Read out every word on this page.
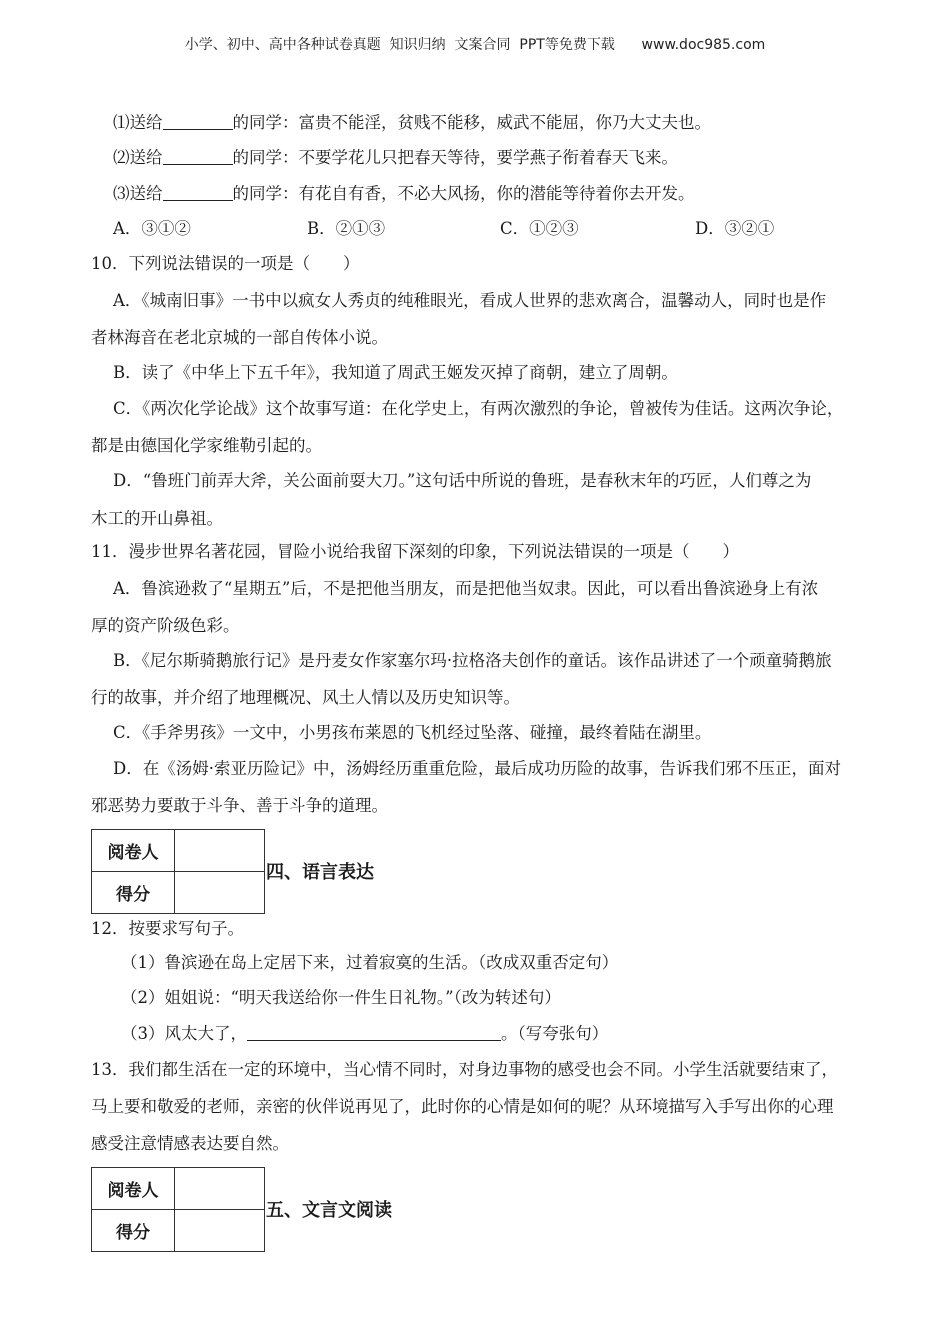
小学、初中、高中各种试卷真题  知识归纳  文案合同  PPT等免费下载      www.doc985.com
⑴送给	的同学：富贵不能淫，贫贱不能移，威武不能屈，你乃大丈夫也。
⑵送给	的同学：不要学花儿只把春天等待，要学燕子衔着春天飞来。
⑶送给	的同学：有花自有香，不必大风扬，你的潜能等待着你去开发。
A．③①②	B．②①③	C．①②③	D．③②①
10．下列说法错误的一项是（　　）
A．《城南旧事》一书中以疯女人秀贞的纯稚眼光，看成人世界的悲欢离合，温馨动人，同时也是作
者林海音在老北京城的一部自传体小说。
B．读了《中华上下五千年》，我知道了周武王姬发灭掉了商朝，建立了周朝。
C．《两次化学论战》这个故事写道：在化学史上，有两次激烈的争论，曾被传为佳话。这两次争论，
都是由德国化学家维勒引起的。
D．“鲁班门前弄大斧，关公面前耍大刀。”这句话中所说的鲁班，是春秋末年的巧匠，人们尊之为
木工的开山鼻祖。
11．漫步世界名著花园，冒险小说给我留下深刻的印象，下列说法错误的一项是（　　）
A．鲁滨逊救了“星期五”后，不是把他当朋友，而是把他当奴隶。因此，可以看出鲁滨逊身上有浓
厚的资产阶级色彩。
B．《尼尔斯骑鹅旅行记》是丹麦女作家塞尔玛·拉格洛夫创作的童话。该作品讲述了一个顽童骑鹅旅
行的故事，并介绍了地理概况、风土人情以及历史知识等。
C．《手斧男孩》一文中，小男孩布莱恩的飞机经过坠落、碰撞，最终着陆在湖里。
D．在《汤姆·索亚历险记》中，汤姆经历重重危险，最后成功历险的故事，告诉我们邪不压正，面对
邪恶势力要敢于斗争、善于斗争的道理。
阅卷人	
得分	
四、语言表达
12．按要求写句子。
（1）鲁滨逊在岛上定居下来，过着寂寞的生活。（改成双重否定句）
（2）姐姐说：“明天我送给你一件生日礼物。”（改为转述句）
（3）风太大了，	。（写夸张句）
13．我们都生活在一定的环境中，当心情不同时，对身边事物的感受也会不同。小学生活就要结束了，
马上要和敬爱的老师，亲密的伙伴说再见了，此时你的心情是如何的呢？从环境描写入手写出你的心理
感受注意情感表达要自然。
阅卷人	
得分	
五、文言文阅读
